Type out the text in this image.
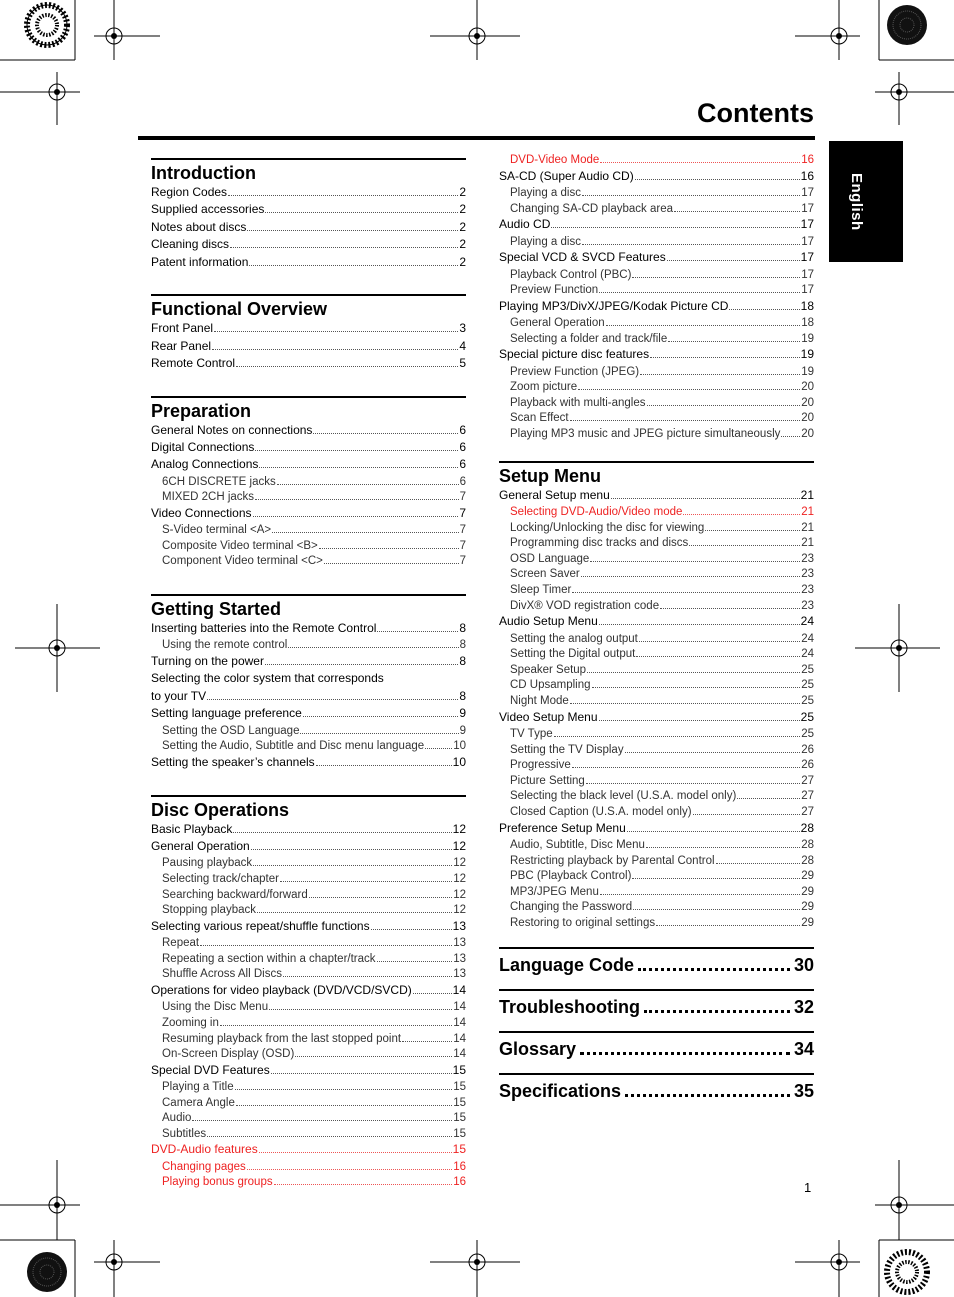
Contents
English
Introduction
Region Codes	2
Supplied accessories	2
Notes about discs	2
Cleaning discs	2
Patent information	2
Functional Overview
Front Panel	3
Rear Panel	4
Remote Control	5
Preparation
General Notes on connections	6
Digital Connections	6
Analog Connections	6
6CH DISCRETE jacks	6
MIXED 2CH jacks	7
Video Connections	7
S-Video terminal <A>	7
Composite Video terminal <B>	7
Component Video terminal <C>	7
Getting Started
Inserting batteries into the Remote Control	8
Using the remote control	8
Turning on the power	8
Selecting the color system that corresponds
to your TV	8
Setting language preference	9
Setting the OSD Language	9
Setting the Audio, Subtitle and Disc menu language	10
Setting the speaker’s channels	10
Disc Operations
Basic Playback	12
General Operation	12
Pausing playback	12
Selecting track/chapter	12
Searching backward/forward	12
Stopping playback	12
Selecting various repeat/shuffle functions	13
Repeat	13
Repeating a section within a chapter/track	13
Shuffle Across All Discs	13
Operations for video playback (DVD/VCD/SVCD)	14
Using the Disc Menu	14
Zooming in	14
Resuming playback from the last stopped point	14
On-Screen Display (OSD)	14
Special DVD Features	15
Playing a Title	15
Camera Angle	15
Audio	15
Subtitles	15
DVD-Audio features	15
Changing pages	16
Playing bonus groups	16
DVD-Video Mode	16
SA-CD (Super Audio CD)	16
Playing a disc	17
Changing SA-CD playback area	17
Audio CD	17
Playing a disc	17
Special VCD & SVCD Features	17
Playback Control (PBC)	17
Preview Function	17
Playing MP3/DivX/JPEG/Kodak Picture CD	18
General Operation	18
Selecting a folder and track/file	19
Special picture disc features	19
Preview Function (JPEG)	19
Zoom picture	20
Playback with multi-angles	20
Scan Effect	20
Playing MP3 music and JPEG picture simultaneously 20
Setup Menu
General Setup menu	21
Selecting DVD-Audio/Video mode	21
Locking/Unlocking the disc for viewing	21
Programming disc tracks and discs	21
OSD Language	23
Screen Saver	23
Sleep Timer	23
DivX® VOD registration code	23
Audio Setup Menu	24
Setting the analog output	24
Setting the Digital output	24
Speaker Setup	25
CD Upsampling	25
Night Mode	25
Video Setup Menu	25
TV Type	25
Setting the TV Display	26
Progressive	26
Picture Setting	27
Selecting the black level (U.S.A. model only)	27
Closed Caption (U.S.A. model only)	27
Preference Setup Menu	28
Audio, Subtitle, Disc Menu	28
Restricting playback by Parental Control	28
PBC (Playback Control)	29
MP3/JPEG Menu	29
Changing the Password	29
Restoring to original settings	29
Language Code	30
Troubleshooting	32
Glossary	34
Specifications	35
1
